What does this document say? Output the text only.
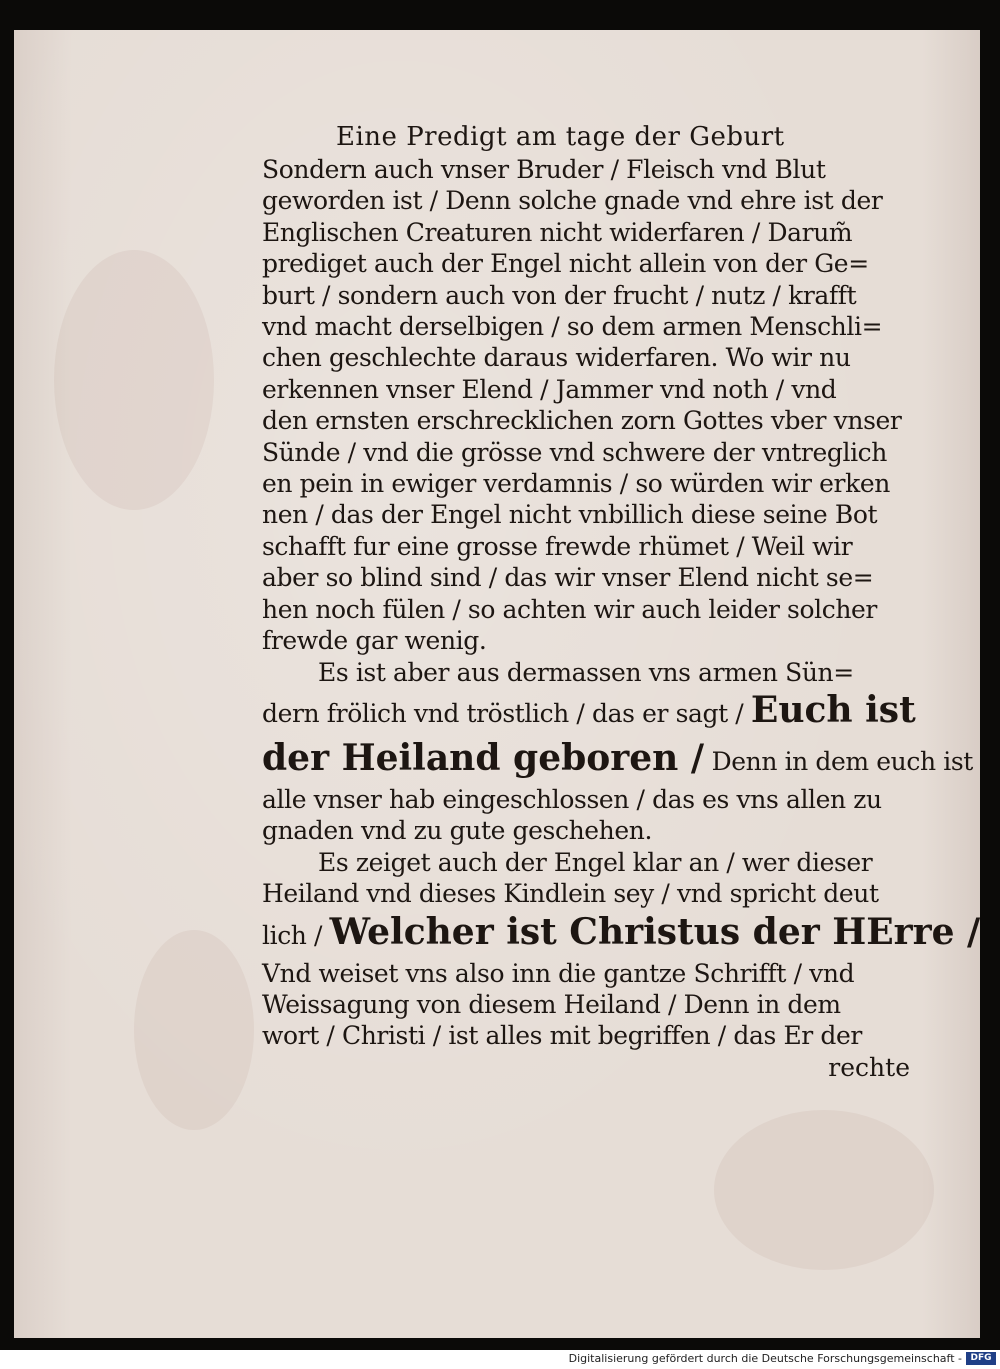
Eine Predigt am tage der Geburt
Sondern auch vnser Bruder / Fleisch vnd Blut
geworden ist / Denn solche gnade vnd ehre ist der
Englischen Creaturen nicht widerfaren / Darum̃
prediget auch der Engel nicht allein von der Ge=
burt / sondern auch von der frucht / nutz / krafft
vnd macht derselbigen / so dem armen Menschli=
chen geschlechte daraus widerfaren. Wo wir nu
erkennen vnser Elend / Jammer vnd noth / vnd
den ernsten erschrecklichen zorn Gottes vber vnser
Sünde / vnd die grösse vnd schwere der vntreglich
en pein in ewiger verdamnis / so würden wir erken
nen / das der Engel nicht vnbillich diese seine Bot
schafft fur eine grosse frewde rhümet / Weil wir
aber so blind sind / das wir vnser Elend nicht se=
hen noch fülen / so achten wir auch leider solcher
frewde gar wenig.
Es ist aber aus dermassen vns armen Sün=
dern frölich vnd tröstlich / das er sagt / Euch ist
der Heiland geboren / Denn in dem euch ist
alle vnser hab eingeschlossen / das es vns allen zu
gnaden vnd zu gute geschehen.
Es zeiget auch der Engel klar an / wer dieser
Heiland vnd dieses Kindlein sey / vnd spricht deut
lich / Welcher ist Christus der HErre /
Vnd weiset vns also inn die gantze Schrifft / vnd
Weissagung von diesem Heiland / Denn in dem
wort / Christi / ist alles mit begriffen / das Er der
rechte
Digitalisierung gefördert durch die Deutsche Forschungsgemeinschaft - DFG
